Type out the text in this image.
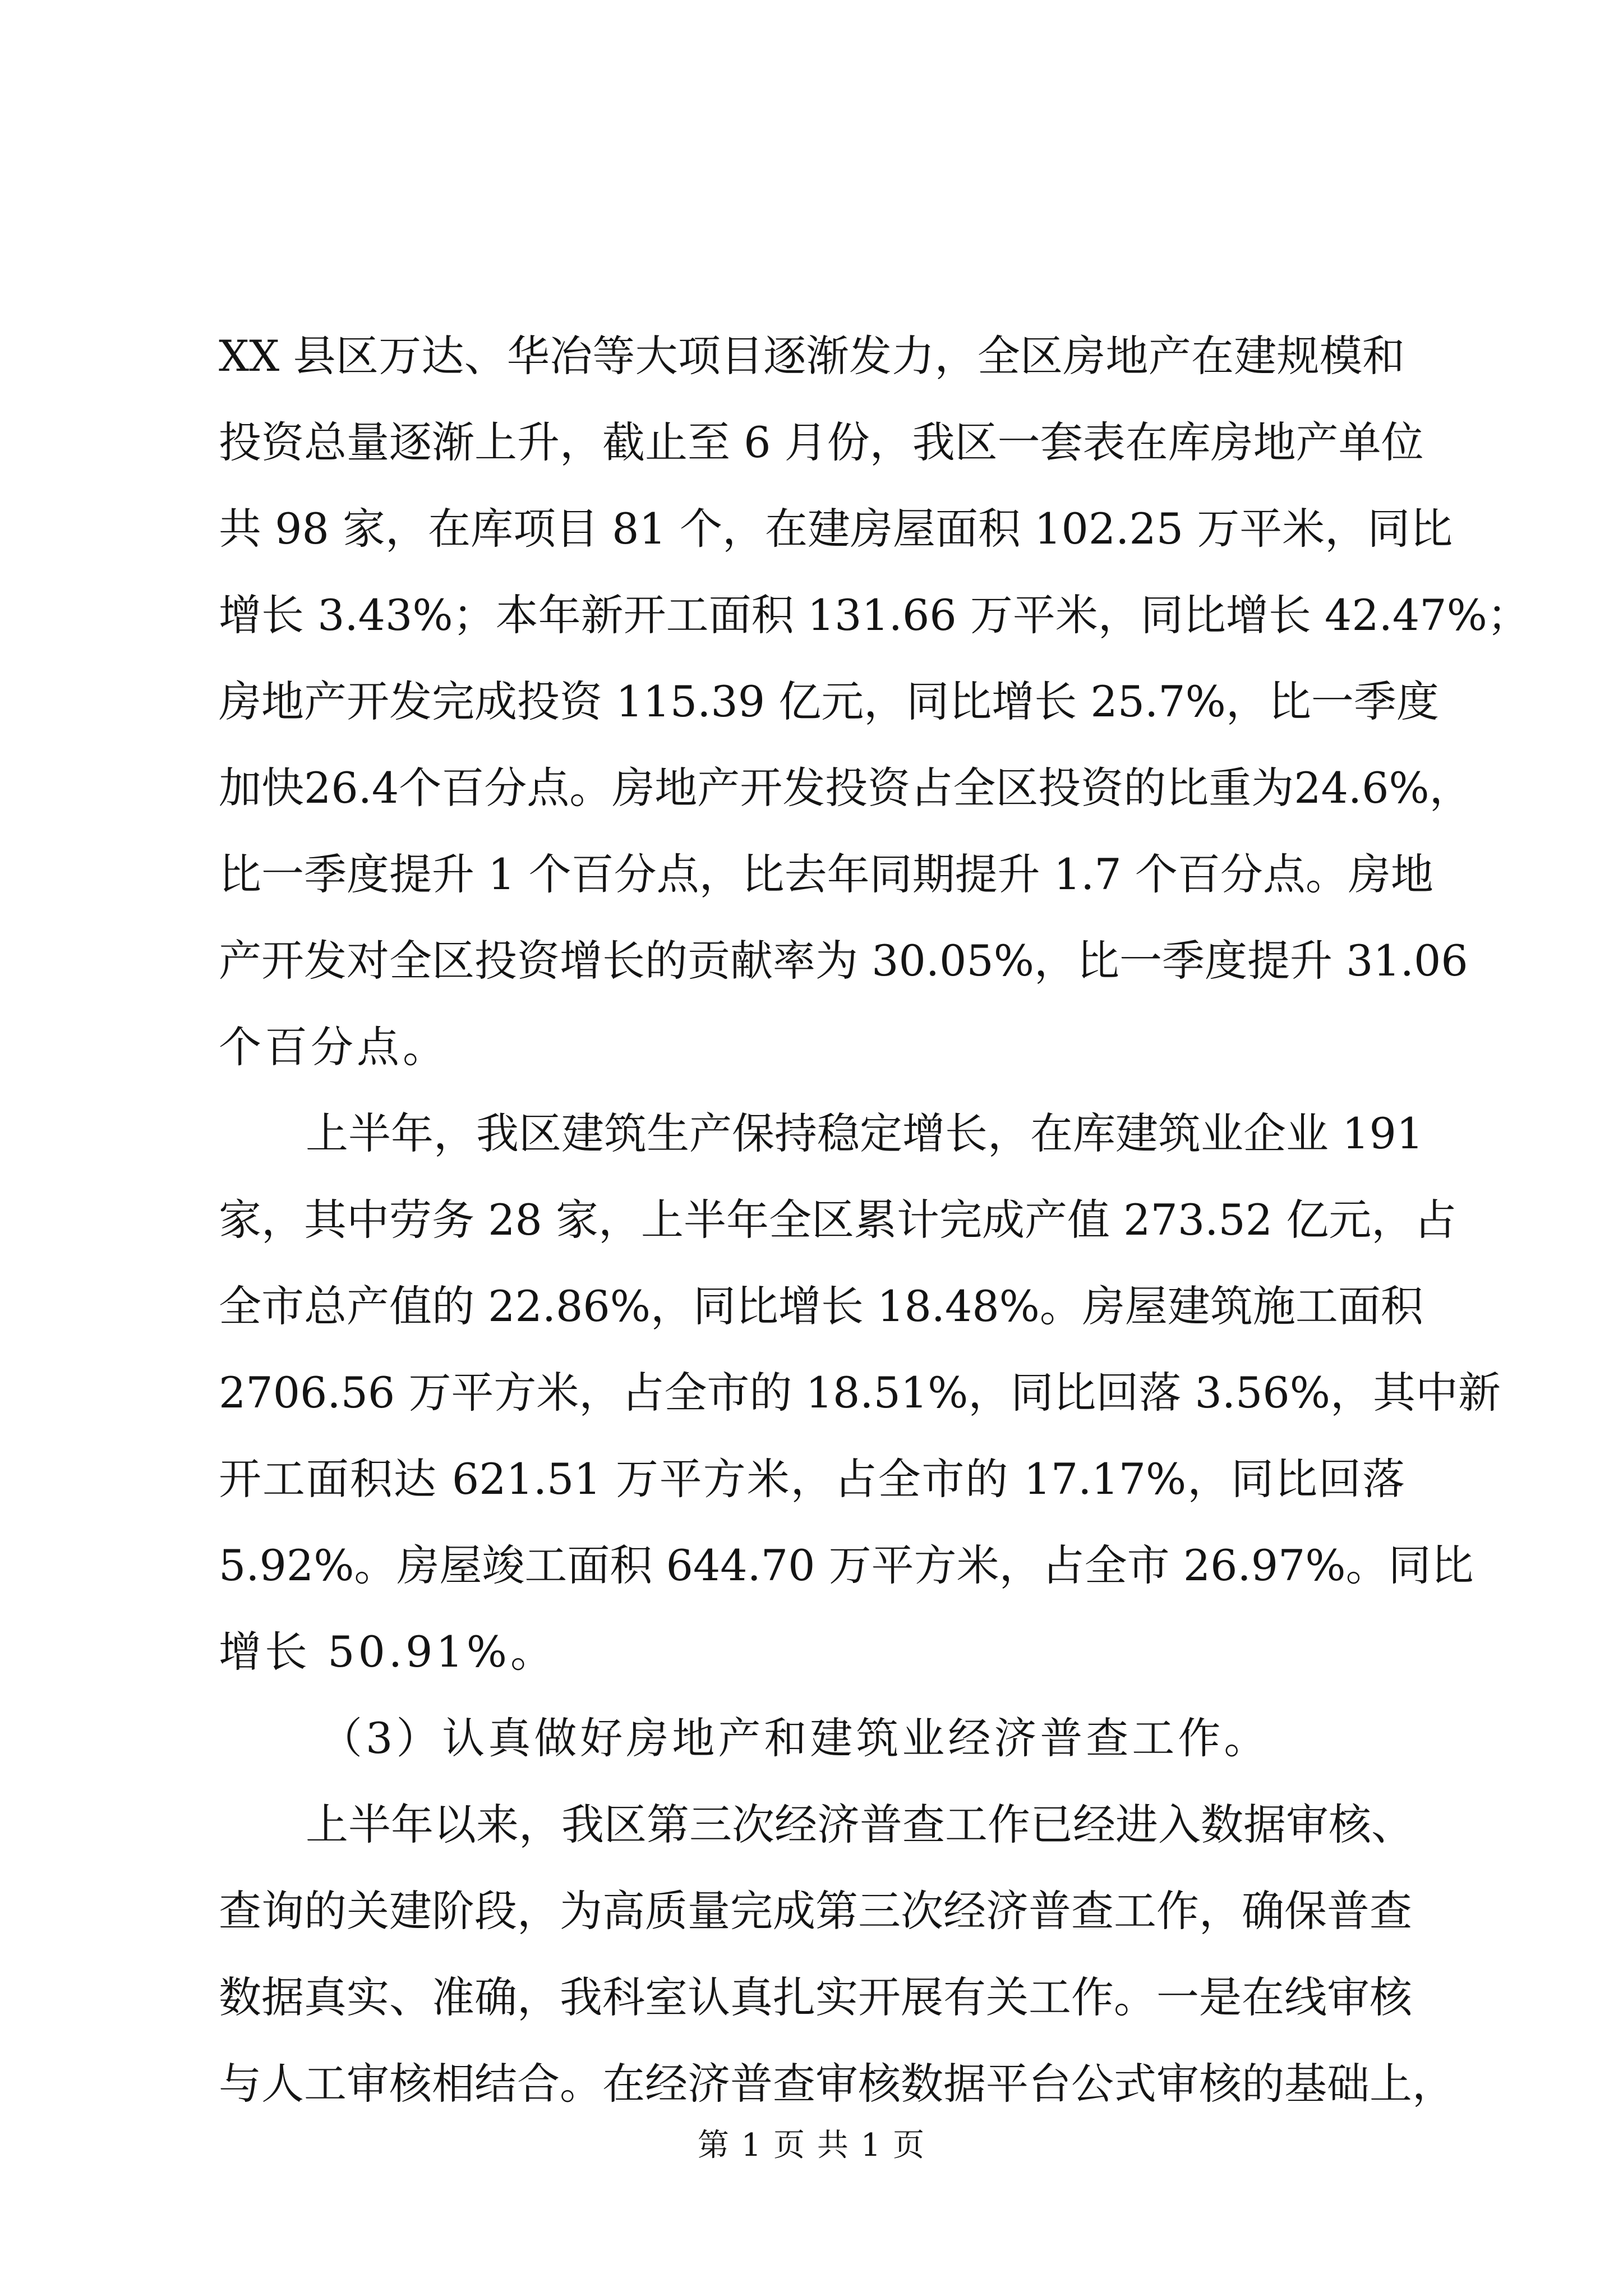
XX 县区万达、华冶等大项目逐渐发力，全区房地产在建规模和
投资总量逐渐上升，截止至 6 月份，我区一套表在库房地产单位
共 98 家，在库项目 81 个，在建房屋面积 102.25 万平米，同比
增长 3.43%；本年新开工面积 131.66 万平米，同比增长 42.47%；
房地产开发完成投资 115.39 亿元，同比增长 25.7%，比一季度
加快26.4个百分点。房地产开发投资占全区投资的比重为24.6%，
比一季度提升 1 个百分点，比去年同期提升 1.7 个百分点。房地
产开发对全区投资增长的贡献率为 30.05%，比一季度提升 31.06
个百分点。
上半年，我区建筑生产保持稳定增长，在库建筑业企业 191
家，其中劳务 28 家，上半年全区累计完成产值 273.52 亿元，占
全市总产值的 22.86%，同比增长 18.48%。房屋建筑施工面积
2706.56 万平方米，占全市的 18.51%，同比回落 3.56%，其中新
开工面积达 621.51 万平方米，占全市的 17.17%，同比回落
5.92%。房屋竣工面积 644.70 万平方米，占全市 26.97%。同比
增长 50.91%。
（3）认真做好房地产和建筑业经济普查工作。
上半年以来，我区第三次经济普查工作已经进入数据审核、
查询的关建阶段，为高质量完成第三次经济普查工作，确保普查
数据真实、准确，我科室认真扎实开展有关工作。一是在线审核
与人工审核相结合。在经济普查审核数据平台公式审核的基础上，
第 1 页 共 1 页
